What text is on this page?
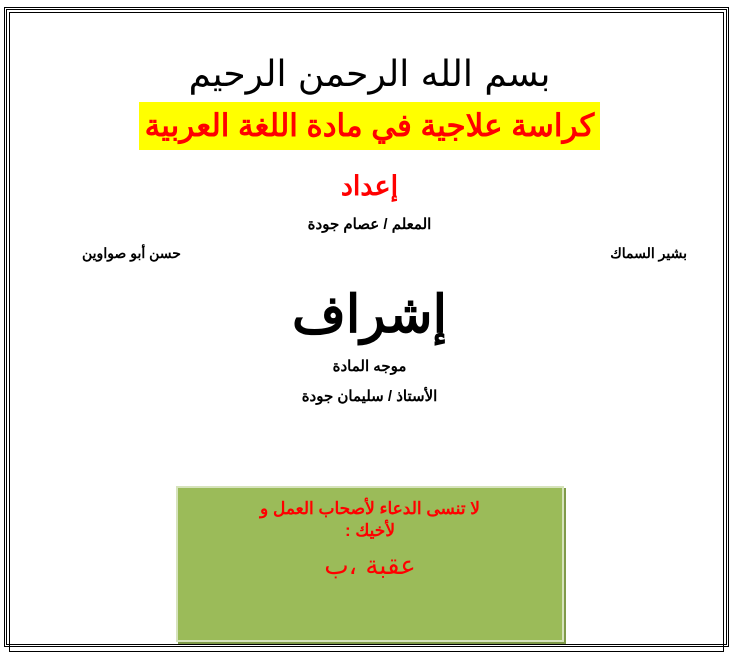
بسم الله الرحمن الرحيم
كراسة علاجية في مادة اللغة العربية
إعداد
المعلم / عصام جودة
بشير السماك
حسن أبو صواوين
إشراف
موجه المادة
الأستاذ / سليمان جودة
لا تنسى الدعاء لأصحاب العمل و
لأخيك :
عقبة ،ب
